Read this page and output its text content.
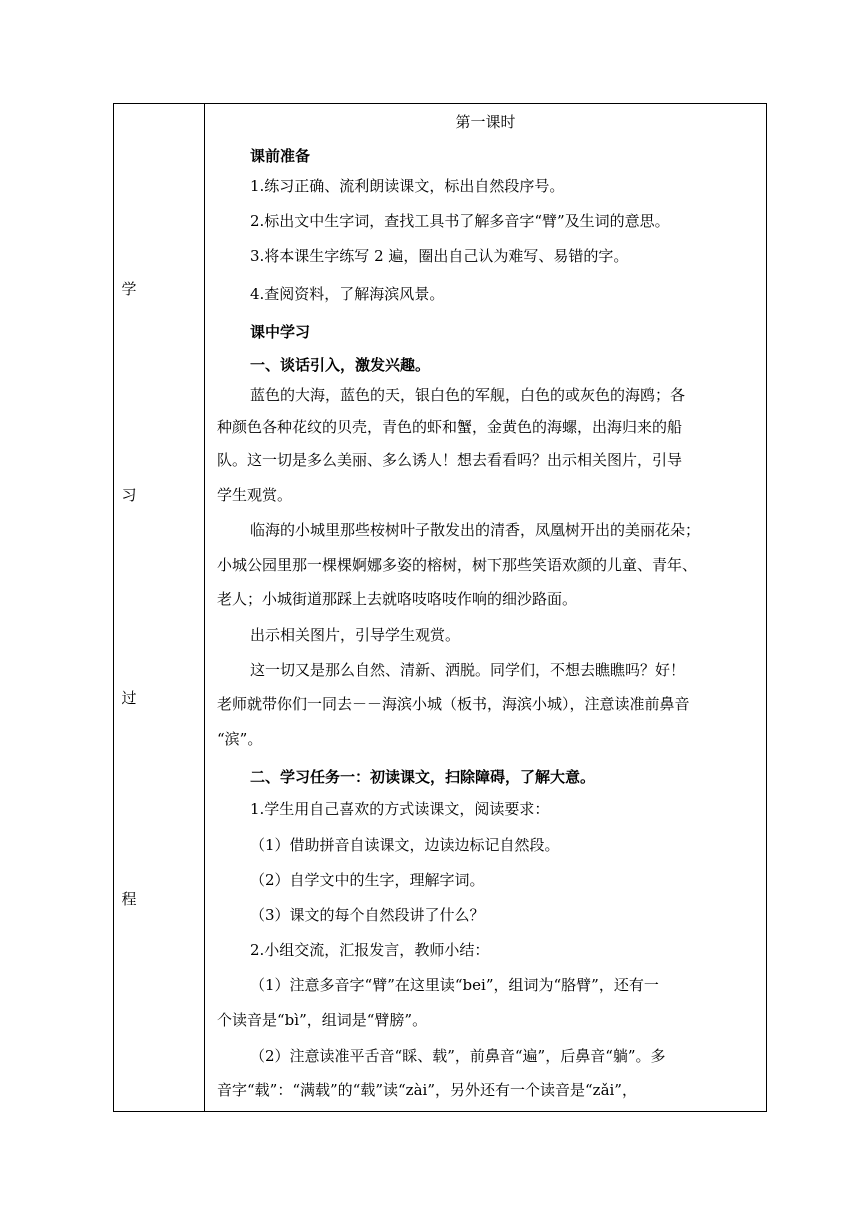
学
习
过
程
第一课时
课前准备
1.练习正确、流利朗读课文，标出自然段序号。
2.标出文中生字词，查找工具书了解多音字“臂”及生词的意思。
3.将本课生字练写 2 遍，圈出自己认为难写、易错的字。
4.查阅资料，了解海滨风景。
课中学习
一、谈话引入，激发兴趣。
蓝色的大海，蓝色的天，银白色的军舰，白色的或灰色的海鸥；各
种颜色各种花纹的贝壳，青色的虾和蟹，金黄色的海螺，出海归来的船
队。这一切是多么美丽、多么诱人！想去看看吗？出示相关图片，引导
学生观赏。
临海的小城里那些桉树叶子散发出的清香，凤凰树开出的美丽花朵；
小城公园里那一棵棵婀娜多姿的榕树，树下那些笑语欢颜的儿童、青年、
老人；小城街道那踩上去就咯吱咯吱作响的细沙路面。
出示相关图片，引导学生观赏。
这一切又是那么自然、清新、洒脱。同学们，不想去瞧瞧吗？好！
老师就带你们一同去－－海滨小城（板书，海滨小城），注意读准前鼻音
“滨”。
二、学习任务一：初读课文，扫除障碍，了解大意。
1.学生用自己喜欢的方式读课文，阅读要求：
（1）借助拼音自读课文，边读边标记自然段。
（2）自学文中的生字，理解字词。
（3）课文的每个自然段讲了什么？
2.小组交流，汇报发言，教师小结：
（1）注意多音字“臂”在这里读“bei”，组词为“胳臂”，还有一
个读音是“bì”，组词是“臂膀”。
（2）注意读准平舌音“睬、载”，前鼻音“遍”，后鼻音“躺”。多
音字“载”：“满载”的“载”读“zài”，另外还有一个读音是“zǎi”，
